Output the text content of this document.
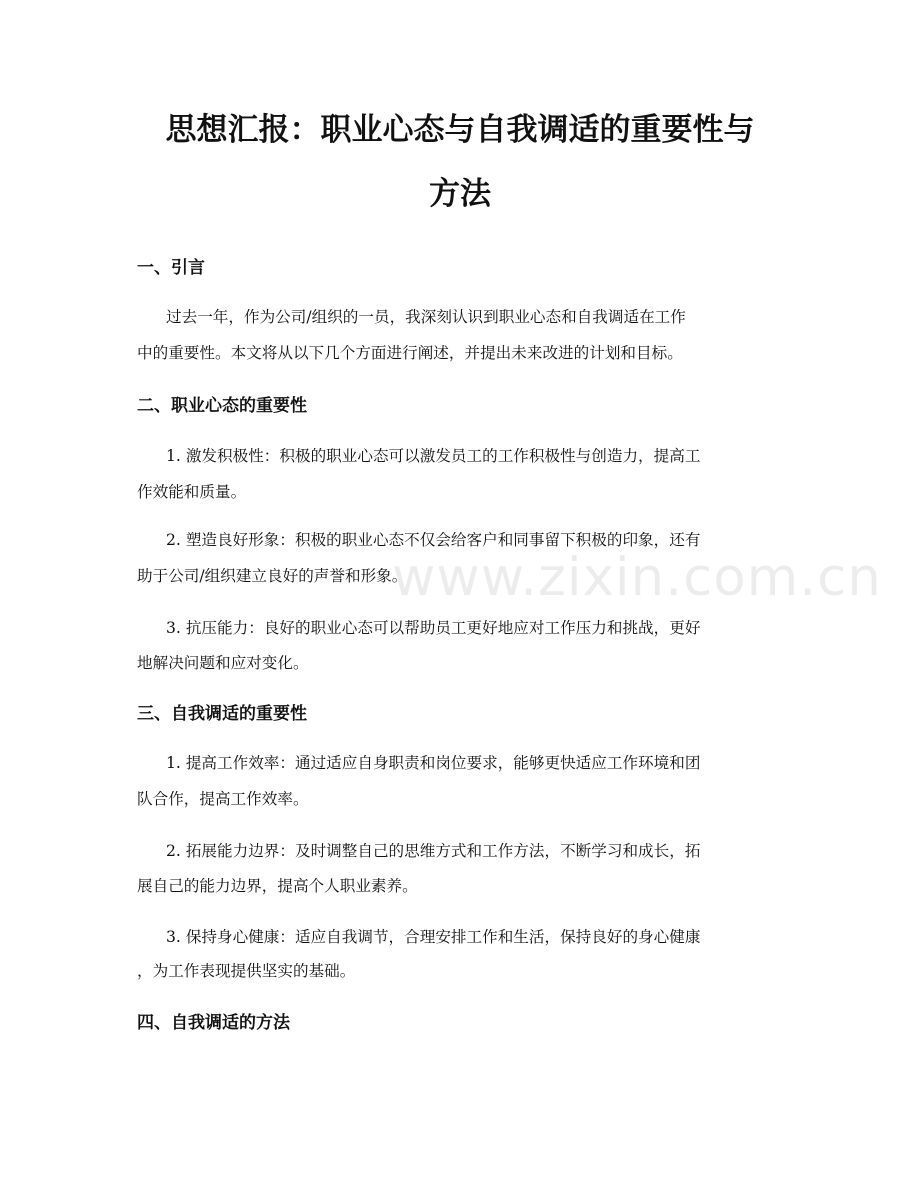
思想汇报：职业心态与自我调适的重要性与
方法
一、引言
过去一年，作为公司/组织的一员，我深刻认识到职业心态和自我调适在工作
中的重要性。本文将从以下几个方面进行阐述，并提出未来改进的计划和目标。
二、职业心态的重要性
1. 激发积极性：积极的职业心态可以激发员工的工作积极性与创造力，提高工
作效能和质量。
2. 塑造良好形象：积极的职业心态不仅会给客户和同事留下积极的印象，还有
助于公司/组织建立良好的声誉和形象。
3. 抗压能力：良好的职业心态可以帮助员工更好地应对工作压力和挑战，更好
地解决问题和应对变化。
三、自我调适的重要性
1. 提高工作效率：通过适应自身职责和岗位要求，能够更快适应工作环境和团
队合作，提高工作效率。
2. 拓展能力边界：及时调整自己的思维方式和工作方法，不断学习和成长，拓
展自己的能力边界，提高个人职业素养。
3. 保持身心健康：适应自我调节，合理安排工作和生活，保持良好的身心健康
，为工作表现提供坚实的基础。
四、自我调适的方法
www.zixin.com.cn
